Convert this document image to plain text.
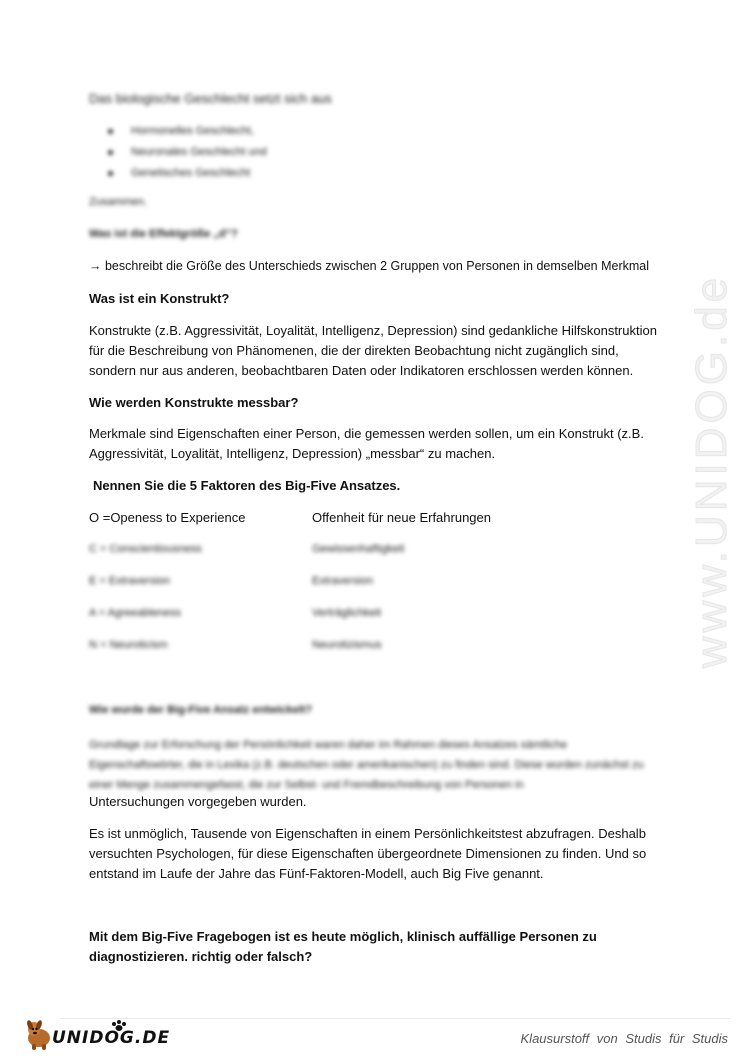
www.UNIDOG.de
Das biologische Geschlecht setzt sich aus
Hormonelles Geschlecht,
Neuronales Geschlecht und
Genetisches Geschlecht
Zusammen.
Was ist die Effektgröße „d“?
→ beschreibt die Größe des Unterschieds zwischen 2 Gruppen von Personen in demselben Merkmal
Was ist ein Konstrukt?
Konstrukte (z.B. Aggressivität, Loyalität, Intelligenz, Depression) sind gedankliche Hilfskonstruktion für die Beschreibung von Phänomenen, die der direkten Beobachtung nicht zugänglich sind, sondern nur aus anderen, beobachtbaren Daten oder Indikatoren erschlossen werden können.
Wie werden Konstrukte messbar?
Merkmale sind Eigenschaften einer Person, die gemessen werden sollen, um ein Konstrukt (z.B. Aggressivität, Loyalität, Intelligenz, Depression) „messbar“ zu machen.
Nennen Sie die 5 Faktoren des Big-Five Ansatzes.
O =Openess to Experience	Offenheit für neue Erfahrungen
C = Conscientiousness	Gewissenhaftigkeit
E = Extraversion	Extraversion
A = Agreeableness	Verträglichkeit
N = Neuroticism	Neurotizismus
Wie wurde der Big-Five Ansatz entwickelt?
Grundlage zur Erforschung der Persönlichkeit waren daher im Rahmen dieses Ansatzes sämtliche Eigenschaftswörter, die in Lexika (z.B. deutschen oder amerikanischen) zu finden sind. Diese wurden zunächst zu einer Menge zusammengefasst, die zur Selbst- und Fremdbeschreibung von Personen in
Untersuchungen vorgegeben wurden.
Es ist unmöglich, Tausende von Eigenschaften in einem Persönlichkeitstest abzufragen. Deshalb versuchten Psychologen, für diese Eigenschaften übergeordnete Dimensionen zu finden. Und so entstand im Laufe der Jahre das Fünf-Faktoren-Modell, auch Big Five genannt.
Mit dem Big-Five Fragebogen ist es heute möglich, klinisch auffällige Personen zu diagnostizieren. richtig oder falsch?
UNIDOG.DE	Klausurstoff von Studis für Studis
